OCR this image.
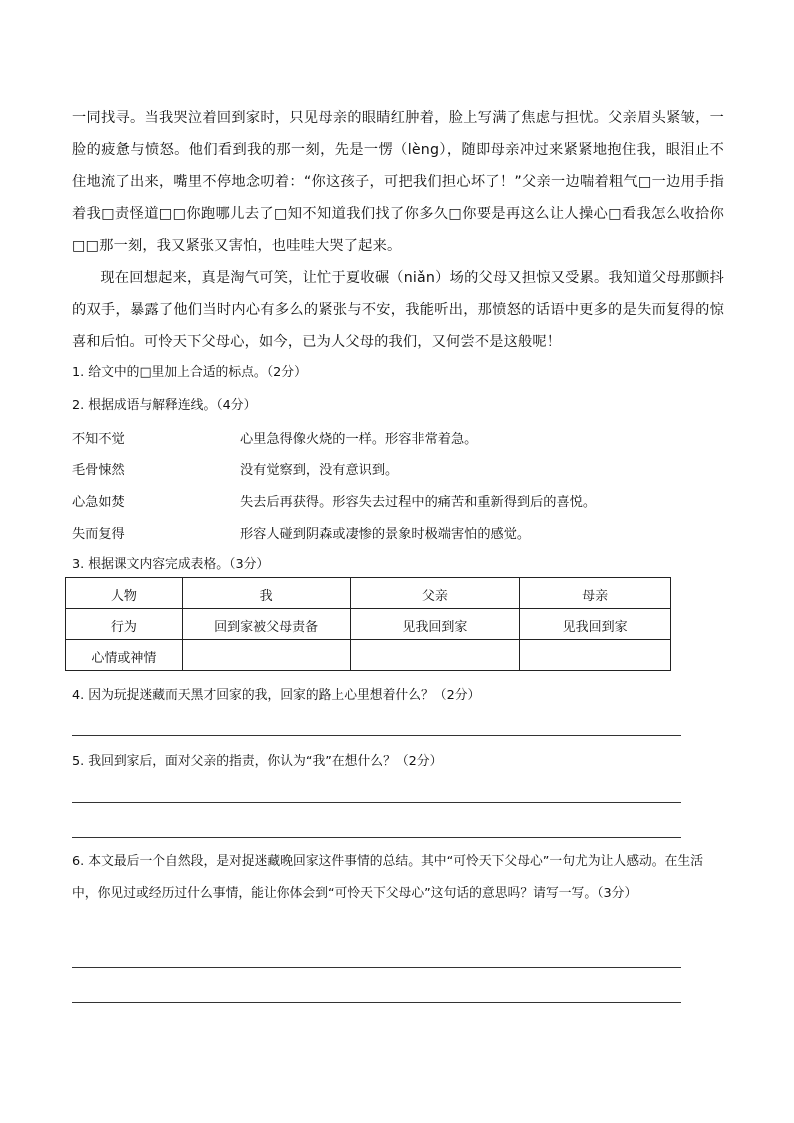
一同找寻。当我哭泣着回到家时，只见母亲的眼睛红肿着，脸上写满了焦虑与担忧。父亲眉头紧皱，一脸的疲惫与愤怒。他们看到我的那一刻，先是一愣（lèng），随即母亲冲过来紧紧地抱住我，眼泪止不住地流了出来，嘴里不停地念叨着：“你这孩子，可把我们担心坏了！”父亲一边喘着粗气□一边用手指着我□责怪道□□你跑哪儿去了□知不知道我们找了你多久□你要是再这么让人操心□看我怎么收拾你□□那一刻，我又紧张又害怕，也哇哇大哭了起来。

现在回想起来，真是淘气可笑，让忙于夏收碾（niǎn）场的父母又担惊又受累。我知道父母那颤抖的双手，暴露了他们当时内心有多么的紧张与不安，我能听出，那愤怒的话语中更多的是失而复得的惊喜和后怕。可怜天下父母心，如今，已为人父母的我们，又何尝不是这般呢！

1. 给文中的□里加上合适的标点。（2分）

2. 根据成语与解释连线。（4分）

不知不觉	心里急得像火烧的一样。形容非常着急。
毛骨悚然	没有觉察到，没有意识到。
心急如焚	失去后再获得。形容失去过程中的痛苦和重新得到后的喜悦。
失而复得	形容人碰到阴森或凄惨的景象时极端害怕的感觉。

3. 根据课文内容完成表格。（3分）

人物	我	父亲	母亲
行为	回到家被父母责备	见我回到家	见我回到家
心情或神情			

4. 因为玩捉迷藏而天黑才回家的我，回家的路上心里想着什么？（2分）

5. 我回到家后，面对父亲的指责，你认为“我”在想什么？（2分）

6. 本文最后一个自然段，是对捉迷藏晚回家这件事情的总结。其中“可怜天下父母心”一句尤为让人感动。在生活中，你见过或经历过什么事情，能让你体会到“可怜天下父母心”这句话的意思吗？请写一写。（3分）
